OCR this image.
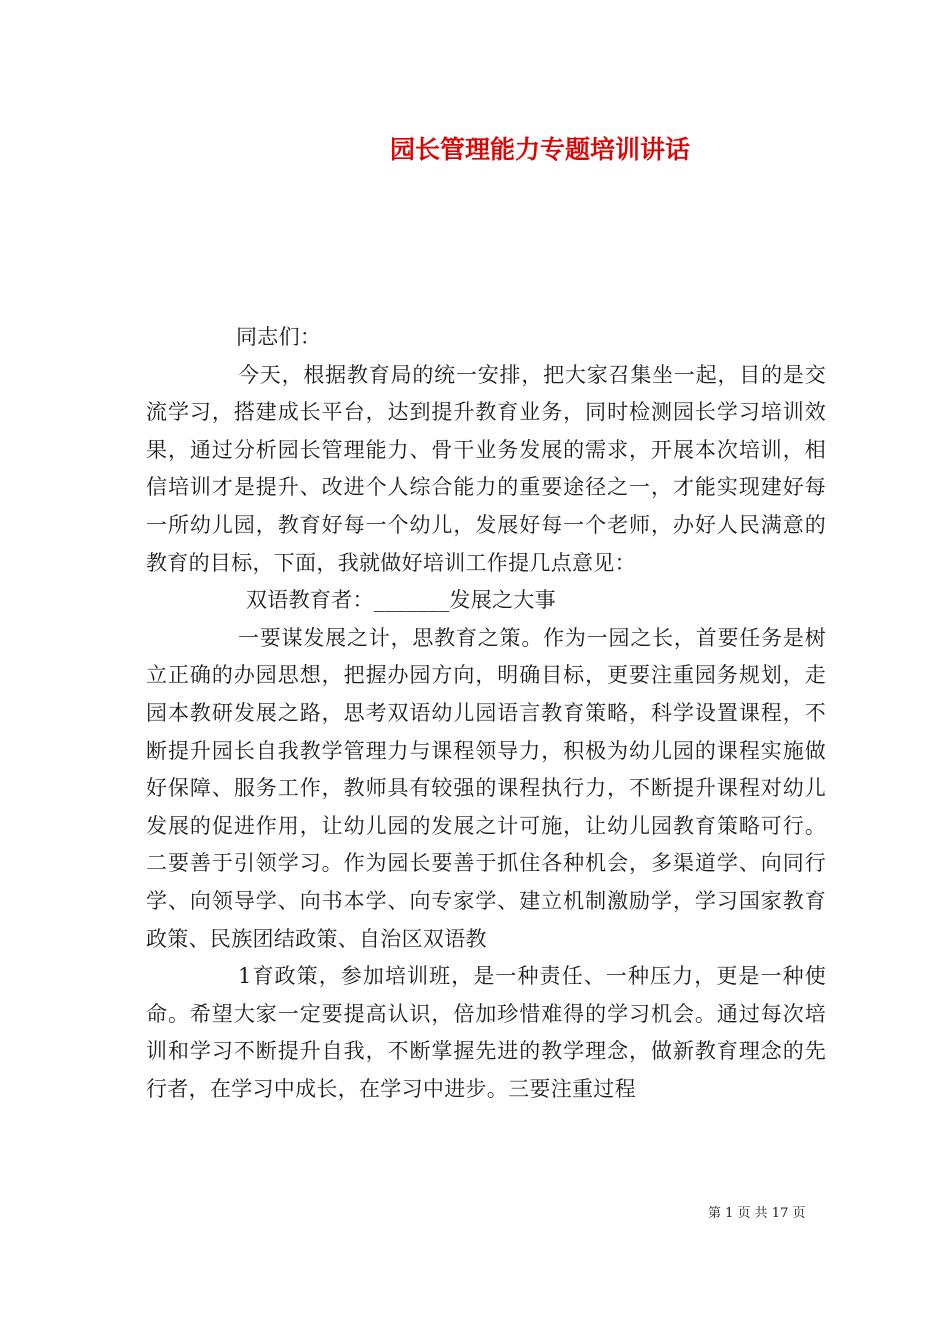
园长管理能力专题培训讲话

同志们：

今天，根据教育局的统一安排，把大家召集坐一起，目的是交流学习，搭建成长平台，达到提升教育业务，同时检测园长学习培训效果，通过分析园长管理能力、骨干业务发展的需求，开展本次培训，相信培训才是提升、改进个人综合能力的重要途径之一，才能实现建好每一所幼儿园，教育好每一个幼儿，发展好每一个老师，办好人民满意的教育的目标，下面，我就做好培训工作提几点意见：

双语教育者：_______发展之大事

一要谋发展之计，思教育之策。作为一园之长，首要任务是树立正确的办园思想，把握办园方向，明确目标，更要注重园务规划，走园本教研发展之路，思考双语幼儿园语言教育策略，科学设置课程，不断提升园长自我教学管理力与课程领导力，积极为幼儿园的课程实施做好保障、服务工作，教师具有较强的课程执行力，不断提升课程对幼儿发展的促进作用，让幼儿园的发展之计可施，让幼儿园教育策略可行。二要善于引领学习。作为园长要善于抓住各种机会，多渠道学、向同行学、向领导学、向书本学、向专家学、建立机制激励学，学习国家教育政策、民族团结政策、自治区双语教

1育政策，参加培训班，是一种责任、一种压力，更是一种使命。希望大家一定要提高认识，倍加珍惜难得的学习机会。通过每次培训和学习不断提升自我，不断掌握先进的教学理念，做新教育理念的先行者，在学习中成长，在学习中进步。三要注重过程

第 1 页 共 17 页
